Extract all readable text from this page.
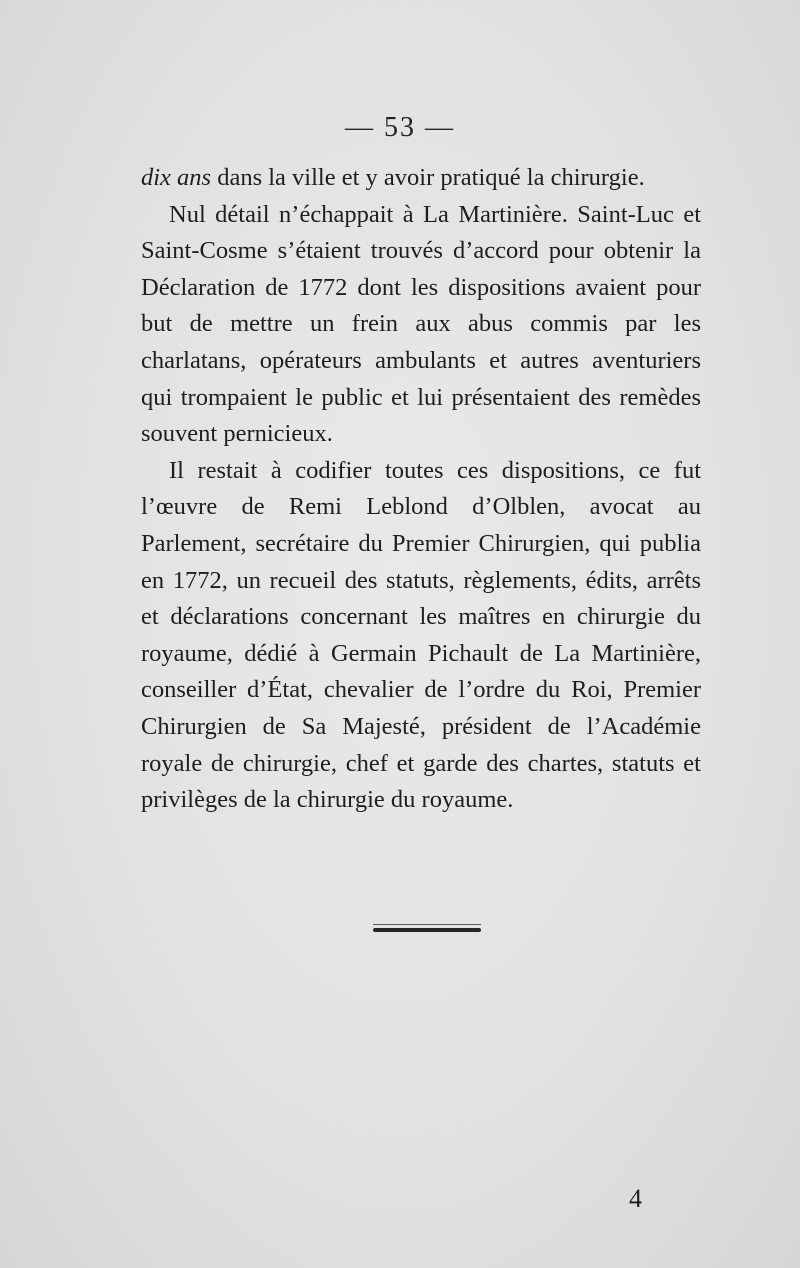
— 53 —

dix ans dans la ville et y avoir pratiqué la chirurgie.

Nul détail n’échappait à La Martinière. Saint-Luc et Saint-Cosme s’étaient trouvés d’accord pour obtenir la Déclaration de 1772 dont les dispositions avaient pour but de mettre un frein aux abus commis par les charlatans, opérateurs ambulants et autres aventuriers qui trompaient le public et lui présentaient des remèdes souvent pernicieux.

Il restait à codifier toutes ces dispositions, ce fut l’œuvre de Remi Leblond d’Olblen, avocat au Parlement, secrétaire du Premier Chirurgien, qui publia en 1772, un recueil des statuts, règlements, édits, arrêts et déclarations concernant les maîtres en chirurgie du royaume, dédié à Germain Pichault de La Martinière, conseiller d’État, chevalier de l’ordre du Roi, Premier Chirurgien de Sa Majesté, président de l’Académie royale de chirurgie, chef et garde des chartes, statuts et privilèges de la chirurgie du royaume.

4
